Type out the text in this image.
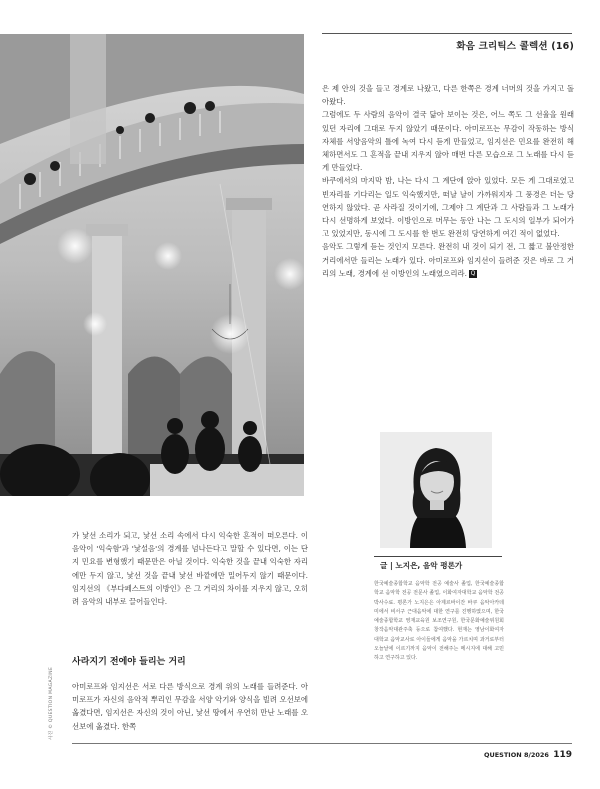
화음 크리틱스 콜렉션 (16)

은 제 안의 것을 들고 경계로 나왔고, 다른 한쪽은 경계 너머의 것을 가지고 돌아왔다.

그럼에도 두 사람의 음악이 결국 닮아 보이는 것은, 어느 쪽도 그 선율을 원래 있던 자리에 그대로 두지 않았기 때문이다. 아미로프는 무감이 작동하는 방식 자체를 서양음악의 틀에 녹여 다시 듣게 만들었고, 임지선은 민요를 완전히 해체하면서도 그 흔적을 끝내 지우지 않아 매번 다른 모습으로 그 노래를 다시 듣게 만들었다.

바쿠에서의 마지막 밤, 나는 다시 그 계단에 앉아 있었다. 모든 게 그대로였고 빈자리를 기다리는 일도 익숙했지만, 떠날 날이 가까워지자 그 풍경은 더는 당연하지 않았다. 곧 사라질 것이기에, 그제야 그 계단과 그 사람들과 그 노래가 다시 선명하게 보였다. 이방인으로 머무는 동안 나는 그 도시의 일부가 되어가고 있었지만, 동시에 그 도시를 한 번도 완전히 당연하게 여긴 적이 없었다.

음악도 그렇게 듣는 것인지 모른다. 완전히 내 것이 되기 전, 그 짧고 불안정한 거리에서만 들리는 노래가 있다. 아미로프와 임지선이 들려준 것은 바로 그 거리의 노래, 경계에 선 이방인의 노래였으리라. Q

글 | 노지은, 음악 평론가

한국예술종합학교 음악학 전공 예술사 졸업, 한국예술종합학교 음악학 전공 전문사 졸업, 이화여자대학교 음악학 전공 박사수료. 평론가 노지은은 아제르바이잔 바쿠 음악아카데미에서 비서구 근대음악에 대한 연구를 진행하였으며, 한국예술종합학교 영재교육원 보조연구원, 한국문화예술위원회 창작음악대관주축 등으로 참여했다. 현재는 영남이화여자 대학교 음악교사로 아이들에게 음악을 가르치며 과거로부터 오늘날에 이르기까지 음악이 전해주는 메시지에 대해 고민하고 연구하고 있다.

가 낯선 소리가 되고, 낯선 소리 속에서 다시 익숙한 흔적이 떠오른다. 이 음악이 '익숙함'과 '낯설음'의 경계를 넘나든다고 말할 수 있다면, 이는 단지 민요를 변형했기 때문만은 아닐 것이다. 익숙한 것을 끝내 익숙한 자리에만 두지 않고, 낯선 것을 끝내 낯선 바깥에만 밀어두지 않기 때문이다. 임지선의 《부다페스트의 이방인》은 그 거리의 차이를 지우지 않고, 오히려 음악의 내부로 끌어들인다.

사라지기 전에야 들리는 거리

아미로프와 임지선은 서로 다른 방식으로 경계 위의 노래를 들려준다. 아미로프가 자신의 음악적 뿌리인 무감을 서양 악기와 양식을 빌려 오선보에 옮겼다면, 임지선은 자신의 것이 아닌, 낯선 땅에서 우연히 만난 노래를 오선보에 옮겼다. 한쪽

사진 © QUESTION MAGAZINE
QUESTION 8/2026 119
